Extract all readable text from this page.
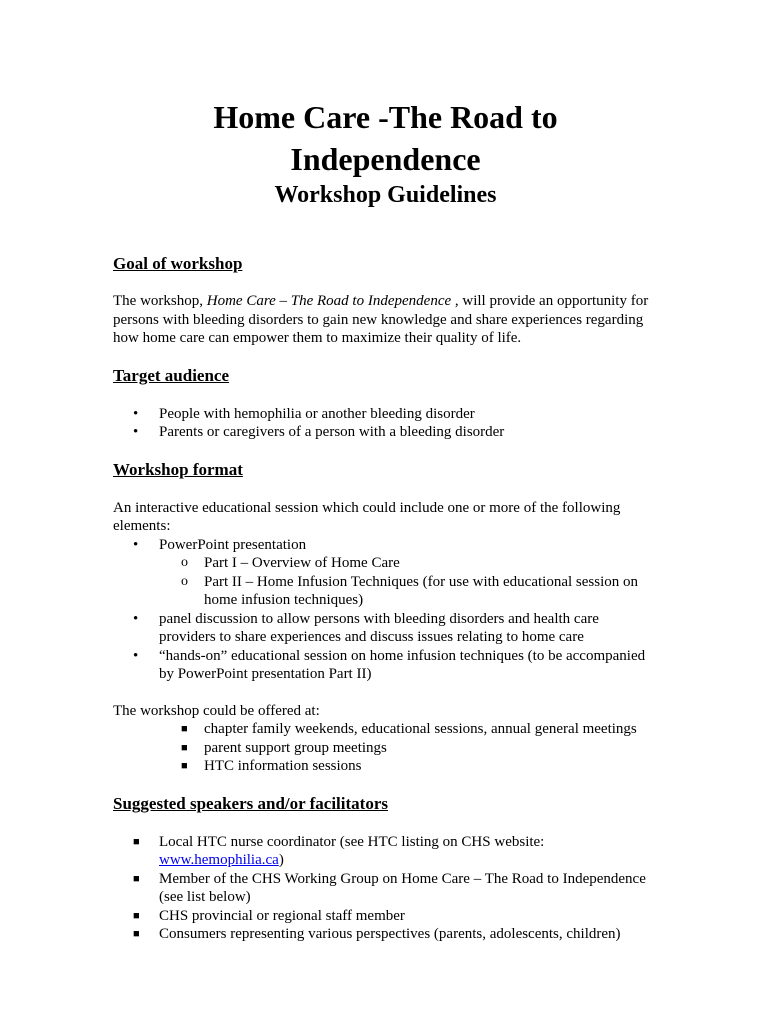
Home Care -The Road to
Independence
Workshop Guidelines
Goal of workshop

The workshop, Home Care – The Road to Independence , will provide an opportunity for persons with bleeding disorders to gain new knowledge and share experiences regarding how home care can empower them to maximize their quality of life.

Target audience
• People with hemophilia or another bleeding disorder
• Parents or caregivers of a person with a bleeding disorder
Workshop format

An interactive educational session which could include one or more of the following elements:

• PowerPoint presentation
o Part I – Overview of Home Care
o Part II – Home Infusion Techniques (for use with educational session on home infusion techniques)
• panel discussion to allow persons with bleeding disorders and health care providers to share experiences and discuss issues relating to home care
• “hands-on” educational session on home infusion techniques (to be accompanied by PowerPoint presentation Part II)

The workshop could be offered at:

■ chapter family weekends, educational sessions, annual general meetings
■ parent support group meetings
■ HTC information sessions
Suggested speakers and/or facilitators
■ Local HTC nurse coordinator (see HTC listing on CHS website: www.hemophilia.ca)
■ Member of the CHS Working Group on Home Care – The Road to Independence (see list below)
■ CHS provincial or regional staff member
■ Consumers representing various perspectives (parents, adolescents, children)
